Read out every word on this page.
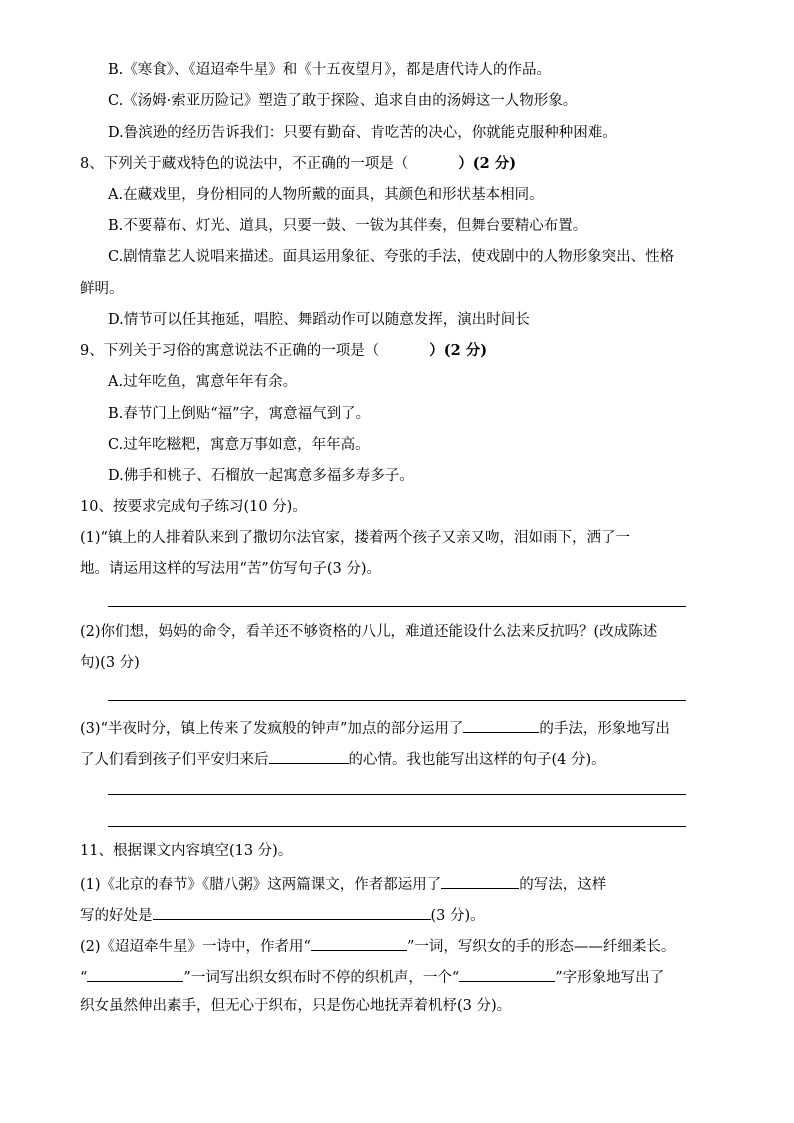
B.《寒食》、《迢迢牵牛星》和《十五夜望月》，都是唐代诗人的作品。
C.《汤姆·索亚历险记》塑造了敢于探险、追求自由的汤姆这一人物形象。
D.鲁滨逊的经历告诉我们：只要有勤奋、肯吃苦的决心，你就能克服种种困难。
8、下列关于藏戏特色的说法中，不正确的一项是（	）(2 分)
A.在藏戏里，身份相同的人物所戴的面具，其颜色和形状基本相同。
B.不要幕布、灯光、道具，只要一鼓、一钹为其伴奏，但舞台要精心布置。
C.剧情靠艺人说唱来描述。面具运用象征、夸张的手法，使戏剧中的人物形象突出、性格
鲜明。
D.情节可以任其拖延，唱腔、舞蹈动作可以随意发挥，演出时间长
9、下列关于习俗的寓意说法不正确的一项是（	）(2 分)
A.过年吃鱼，寓意年年有余。
B.春节门上倒贴“福”字，寓意福气到了。
C.过年吃糍粑，寓意万事如意，年年高。
D.佛手和桃子、石榴放一起寓意多福多寿多子。
10、按要求完成句子练习(10 分)。
(1)“镇上的人排着队来到了撒切尔法官家，搂着两个孩子又亲又吻，泪如雨下，洒了一
地。请运用这样的写法用“苦”仿写句子(3 分)。
(2)你们想，妈妈的命令，看羊还不够资格的八儿，难道还能设什么法来反抗吗？(改成陈述
句)(3 分)
(3)“半夜时分，镇上传来了发疯般的钟声”加点的部分运用了	的手法，形象地写出
了人们看到孩子们平安归来后	的心情。我也能写出这样的句子(4 分)。
11、根据课文内容填空(13 分)。
(1)《北京的春节》《腊八粥》这两篇课文，作者都运用了	的写法，这样
写的好处是	(3 分)。
(2)《迢迢牵牛星》一诗中，作者用“	”一词，写织女的手的形态——纤细柔长。
“	”一词写出织女织布时不停的织机声，一个“	”字形象地写出了
织女虽然伸出素手，但无心于织布，只是伤心地抚弄着机杼(3 分)。
